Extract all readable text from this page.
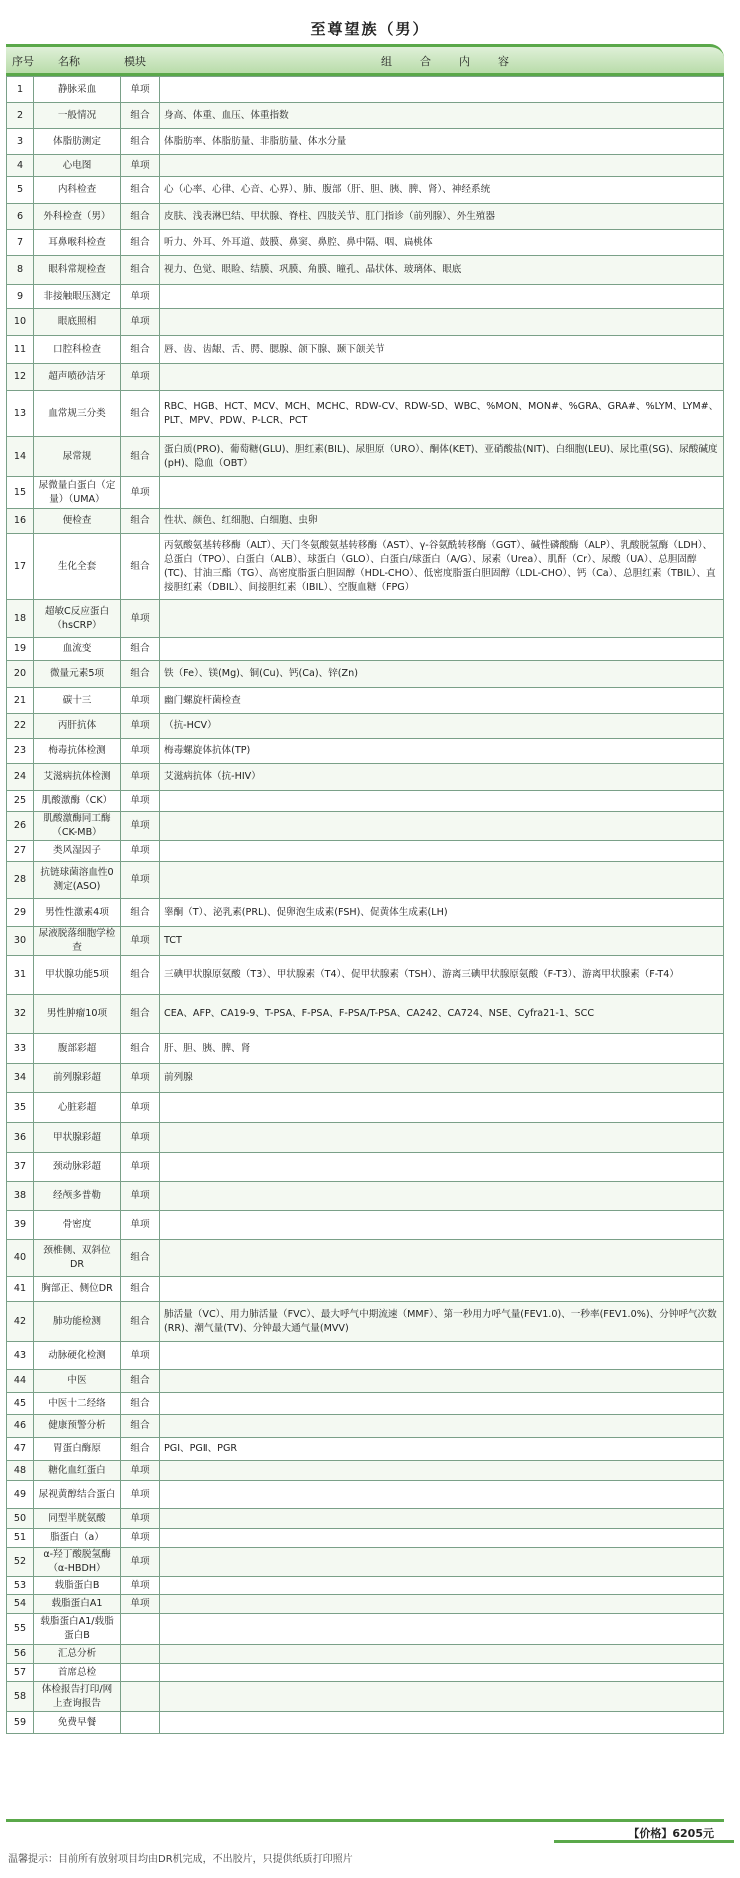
至尊望族（男）
序号 名称	模块	组合内容
1	静脉采血	单项	
2	一般情况	组合	身高、体重、血压、体重指数
3	体脂肪测定	组合	体脂肪率、体脂肪量、非脂肪量、体水分量
4	心电图	单项	
5	内科检查	组合	心（心率、心律、心音、心界）、肺、腹部（肝、胆、胰、脾、肾）、神经系统
6	外科检查（男）	组合	皮肤、浅表淋巴结、甲状腺、脊柱、四肢关节、肛门指诊（前列腺）、外生殖器
7	耳鼻喉科检查	组合	听力、外耳、外耳道、鼓膜、鼻窦、鼻腔、鼻中隔、咽、扁桃体
8	眼科常规检查	组合	视力、色觉、眼睑、结膜、巩膜、角膜、瞳孔、晶状体、玻璃体、眼底
9	非接触眼压测定	单项	
10	眼底照相	单项	
11	口腔科检查	组合	唇、齿、齿龈、舌、腭、腮腺、颌下腺、颞下颌关节
12	超声喷砂洁牙	单项	
13	血常规三分类	组合	RBC、HGB、HCT、MCV、MCH、MCHC、RDW-CV、RDW-SD、WBC、%MON、MON#、%GRA、GRA#、%LYM、LYM#、PLT、MPV、PDW、P-LCR、PCT
14	尿常规	组合	蛋白质(PRO)、葡萄糖(GLU)、胆红素(BIL)、尿胆原（URO）、酮体(KET)、亚硝酸盐(NIT)、白细胞(LEU)、尿比重(SG)、尿酸碱度(pH)、隐血（OBT）
15	尿微量白蛋白（定量）（UMA）	单项	
16	便检查	组合	性状、颜色、红细胞、白细胞、虫卵
17	生化全套	组合	丙氨酸氨基转移酶（ALT）、天门冬氨酸氨基转移酶（AST）、γ-谷氨酰转移酶（GGT）、碱性磷酸酶（ALP）、乳酸脱氢酶（LDH）、总蛋白（TPO）、白蛋白（ALB）、球蛋白（GLO）、白蛋白/球蛋白（A/G）、尿素（Urea）、肌酐（Cr）、尿酸（UA）、总胆固醇(TC)、甘油三酯（TG）、高密度脂蛋白胆固醇（HDL-CHO）、低密度脂蛋白胆固醇（LDL-CHO）、钙（Ca）、总胆红素（TBIL）、直接胆红素（DBIL）、间接胆红素（IBIL）、空腹血糖（FPG）
18	超敏C反应蛋白（hsCRP）	单项	
19	血流变	组合	
20	微量元素5项	组合	铁（Fe）、镁(Mg)、铜(Cu)、钙(Ca)、锌(Zn)
21	碳十三	单项	幽门螺旋杆菌检查
22	丙肝抗体	单项	（抗-HCV）
23	梅毒抗体检测	单项	梅毒螺旋体抗体(TP)
24	艾滋病抗体检测	单项	艾滋病抗体（抗-HIV）
25	肌酸激酶（CK）	单项	
26	肌酸激酶同工酶（CK-MB）	单项	
27	类风湿因子	单项	
28	抗链球菌溶血性0测定(ASO)	单项	
29	男性性激素4项	组合	睾酮（T）、泌乳素(PRL)、促卵泡生成素(FSH)、促黄体生成素(LH)
30	尿液脱落细胞学检查	单项	TCT
31	甲状腺功能5项	组合	三碘甲状腺原氨酸（T3）、甲状腺素（T4）、促甲状腺素（TSH）、游离三碘甲状腺原氨酸（F-T3）、游离甲状腺素（F-T4）
32	男性肿瘤10项	组合	CEA、AFP、CA19-9、T-PSA、F-PSA、F-PSA/T-PSA、CA242、CA724、NSE、Cyfra21-1、SCC
33	腹部彩超	组合	肝、胆、胰、脾、肾
34	前列腺彩超	单项	前列腺
35	心脏彩超	单项	
36	甲状腺彩超	单项	
37	颈动脉彩超	单项	
38	经颅多普勒	单项	
39	骨密度	单项	
40	颈椎侧、双斜位DR	组合	
41	胸部正、侧位DR	组合	
42	肺功能检测	组合	肺活量（VC）、用力肺活量（FVC）、最大呼气中期流速（MMF）、第一秒用力呼气量(FEV1.0)、一秒率(FEV1.0%)、分钟呼气次数(RR)、潮气量(TV)、分钟最大通气量(MVV)
43	动脉硬化检测	单项	
44	中医	组合	
45	中医十二经络	组合	
46	健康预警分析	组合	
47	胃蛋白酶原	组合	PGⅠ、PGⅡ、PGR
48	糖化血红蛋白	单项	
49	尿视黄醇结合蛋白	单项	
50	同型半胱氨酸	单项	
51	脂蛋白（a）	单项	
52	α-羟丁酸脱氢酶（α-HBDH）	单项	
53	载脂蛋白B	单项	
54	载脂蛋白A1	单项	
55	载脂蛋白A1/载脂蛋白B		
56	汇总分析		
57	首席总检		
58	体检报告打印/网上查询报告		
59	免费早餐		
【价格】6205元
温馨提示：目前所有放射项目均由DR机完成，不出胶片，只提供纸质打印照片
